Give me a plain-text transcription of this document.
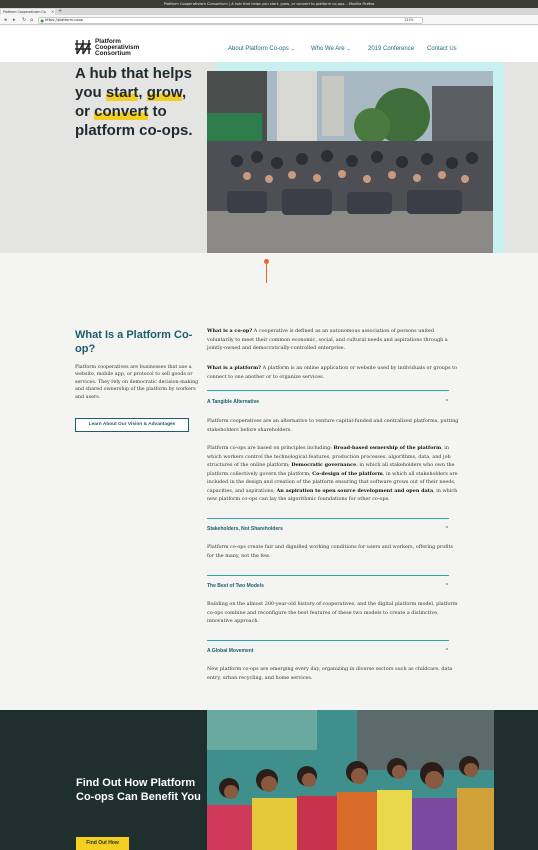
Platform Cooperativism Consortium | A hub that helps you start, grow, or convert to platform co-ops. - Mozilla Firefox
Platform Cooperativism Co × +
◂ ▸ ↻ ⌂ ● https://platform.coop	133%
Platform
Cooperativism
Consortium
About Platform Co-ops ⌄	Who We Are ⌄	2019 Conference Contact Us
A hub that helps you start, grow, or convert to platform co-ops.
What Is a Platform Co-op?
Platform cooperatives are businesses that use a website, mobile app, or protocol to sell goods or services. They rely on democratic decision-making and shared ownership of the platform by workers and users.
Learn About Our Vision & Advantages
What is a co-op? A cooperative is defined as an autonomous association of persons united voluntarily to meet their common economic, social, and cultural needs and aspirations through a jointly-owned and democratically-controlled enterprise.
What is a platform? A platform is an online application or website used by individuals or groups to connect to one another or to organize services.
A Tangible Alternative	⌃
Platform cooperatives are an alternative to venture capital-funded and centralized platforms, putting stakeholders before shareholders.
Platform co-ops are based on principles including: Broad-based ownership of the platform, in which workers control the technological features, production processes, algorithms, data, and job structures of the online platform; Democratic governance, in which all stakeholders who own the platform collectively govern the platform; Co-design of the platform, in which all stakeholders are included in the design and creation of the platform ensuring that software grows out of their needs, capacities, and aspirations; An aspiration to open source development and open data, in which new platform co-ops can lay the algorithmic foundations for other co-ops.
Stakeholders, Not Shareholders	⌃
Platform co-ops create fair and dignified working conditions for users and workers, offering profits for the many, not the few.
The Best of Two Models	⌃
Building on the almost 200-year-old history of cooperatives, and the digital platform model, platform co-ops combine and reconfigure the best features of these two models to create a distinctive, innovative approach.
A Global Movement	⌃
New platform co-ops are emerging every day, organizing in diverse sectors such as childcare, data entry, urban recycling, and home services.
Find Out How Platform Co-ops Can Benefit You
Find Out How
